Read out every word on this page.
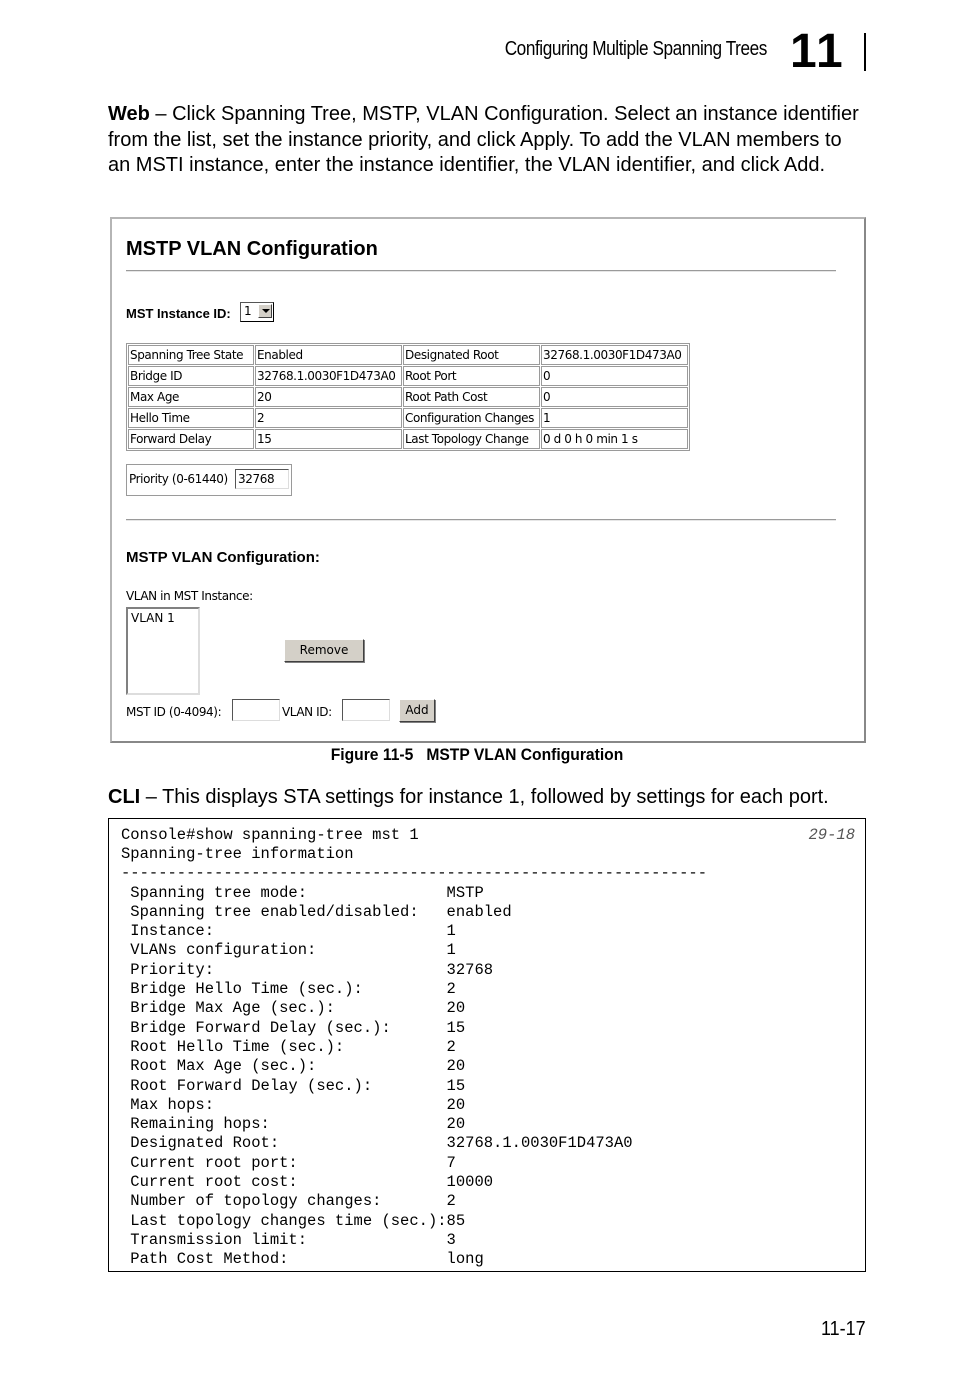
Configuring Multiple Spanning Trees 11
Web – Click Spanning Tree, MSTP, VLAN Configuration. Select an instance identifier from the list, set the instance priority, and click Apply. To add the VLAN members to an MSTI instance, enter the instance identifier, the VLAN identifier, and click Add.
MSTP VLAN Configuration
MST Instance ID: 1
Spanning Tree State	Enabled	Designated Root	32768.1.0030F1D473A0
Bridge ID	32768.1.0030F1D473A0	Root Port	0
Max Age	20	Root Path Cost	0
Hello Time	2	Configuration Changes	1
Forward Delay	15	Last Topology Change	0 d 0 h 0 min 1 s
Priority (0-61440) 32768
MSTP VLAN Configuration:
VLAN in MST Instance:
VLAN 1
Remove
MST ID (0-4094):	VLAN ID:	Add
Figure 11-5   MSTP VLAN Configuration
CLI – This displays STA settings for instance 1, followed by settings for each port.
Console#show spanning-tree mst 1	29-18
Spanning-tree information
---------------------------------------------------------------
Spanning tree mode:               MSTP
Spanning tree enabled/disabled:   enabled
Instance:                         1
VLANs configuration:              1
Priority:                         32768
Bridge Hello Time (sec.):         2
Bridge Max Age (sec.):            20
Bridge Forward Delay (sec.):      15
Root Hello Time (sec.):           2
Root Max Age (sec.):              20
Root Forward Delay (sec.):        15
Max hops:                         20
Remaining hops:                   20
Designated Root:                  32768.1.0030F1D473A0
Current root port:                7
Current root cost:                10000
Number of topology changes:       2
Last topology changes time (sec.):85
Transmission limit:               3
Path Cost Method:                 long
11-17
